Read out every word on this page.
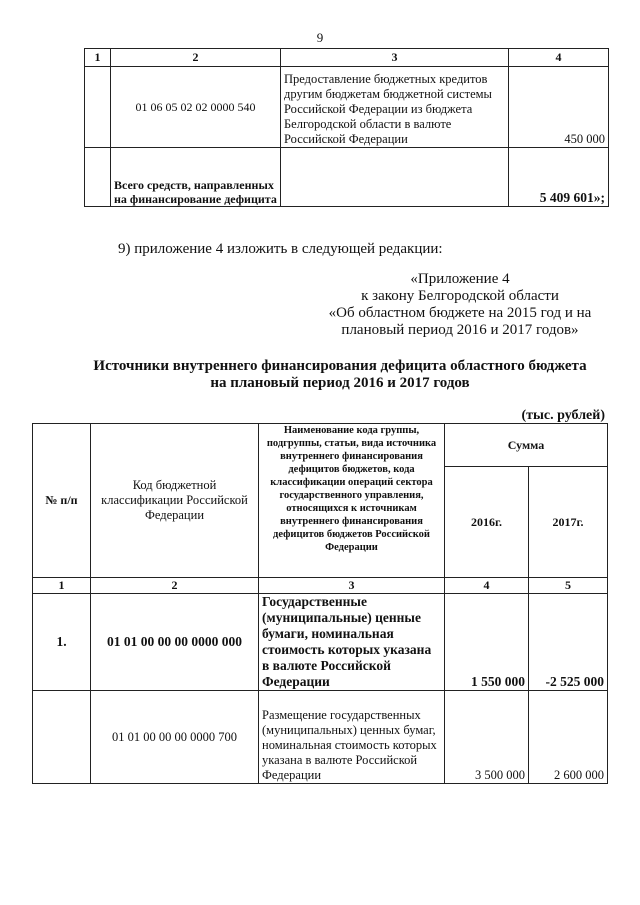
9
1	2	3	4
	01 06 05 02 02 0000 540	Предоставление бюджетных кредитов другим бюджетам бюджетной системы Российской Федерации из бюджета Белгородской области в валюте Российской Федерации	450 000
	Всего средств, направленных на финансирование дефицита		5 409 601»;
9) приложение 4 изложить в следующей редакции:
«Приложение 4
к закону Белгородской области
«Об областном бюджете на 2015 год и на
плановый период 2016 и 2017 годов»
Источники внутреннего финансирования дефицита областного бюджета
на плановый период 2016 и 2017 годов
(тыс. рублей)
№ п/п	Код бюджетной классификации Российской Федерации	Наименование кода группы, подгруппы, статьи, вида источника внутреннего финансирования дефицитов бюджетов, кода классификации операций сектора государственного управления, относящихся к источникам внутреннего финансирования дефицитов бюджетов Российской Федерации	Сумма	
			2016г.	2017г.
1	2	3	4	5
1.	01 01 00 00 00 0000 000	Государственные (муниципальные) ценные бумаги, номинальная стоимость которых указана в валюте Российской Федерации	1 550 000	-2 525 000
	01 01 00 00 00 0000 700	Размещение государственных (муниципальных) ценных бумаг, номинальная стоимость которых указана в валюте Российской Федерации	3 500 000	2 600 000
